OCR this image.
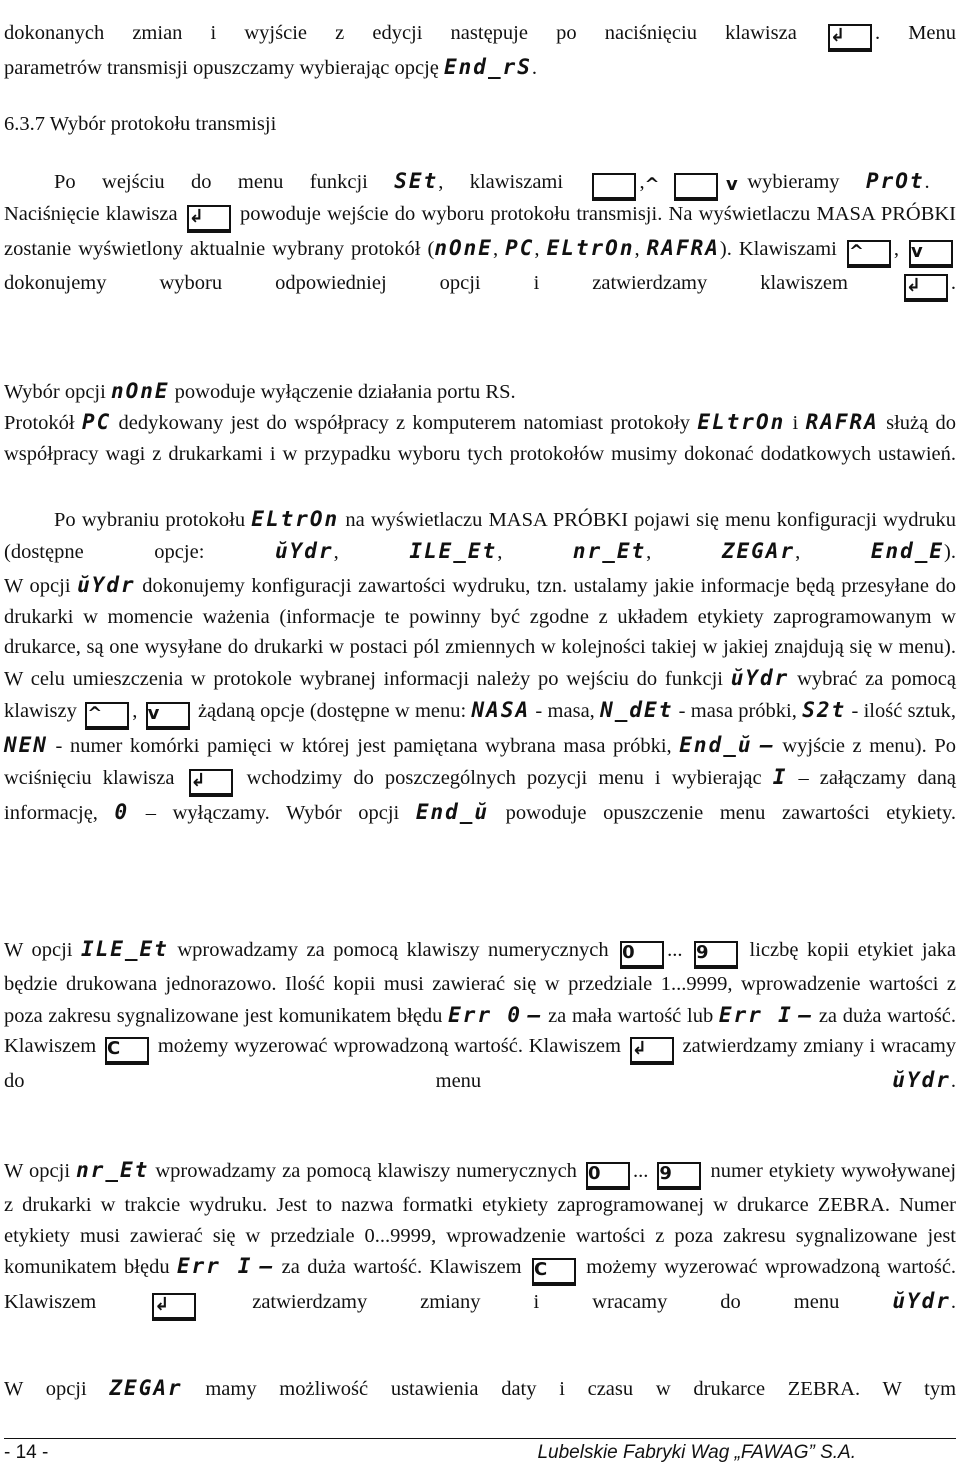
dokonanych zmian i wyjście z edycji następuje po naciśnięciu klawisza ↲ . Menu

parametrów transmisji opuszczamy wybierając opcję End_rS.

6.3.7 Wybór protokołu transmisji

Po wejściu do menu funkcji SEt, klawiszami	^,	v wybieramy PrOt.

Naciśnięcie klawisza ↲ powoduje wejście do wyboru protokołu transmisji. Na wyświetlaczu MASA PRÓBKI zostanie wyświetlony aktualnie wybrany protokół (nOnE, PC, ELtrOn, RAFRA). Klawiszami ^ , v dokonujemy wyboru odpowiedniej opcji i zatwierdzamy klawiszem	↲ .

Wybór opcji nOnE powoduje wyłączenie działania portu RS.

Protokół PC dedykowany jest do współpracy z komputerem natomiast protokoły ELtrOn i RAFRA służą do współpracy wagi z drukarkami i w przypadku wyboru tych protokołów musimy dokonać dodatkowych ustawień.

Po wybraniu protokołu ELtrOn na wyświetlaczu MASA PRÓBKI pojawi się menu konfiguracji wydruku (dostępne opcje:	ŭYdr,	ILE_Et,	nr_Et,	ZEGAr,	End_E).

W opcji ŭYdr dokonujemy konfiguracji zawartości wydruku, tzn. ustalamy jakie informacje będą przesyłane do drukarki w momencie ważenia (informacje te powinny być zgodne z układem etykiety zaprogramowanym w drukarce, są one wysyłane do drukarki w postaci pól zmiennych w kolejności takiej w jakiej znajdują się w menu). W celu umieszczenia w protokole wybranej informacji należy po wejściu do funkcji ŭYdr wybrać za pomocą klawiszy ^ , v żądaną opcje (dostępne w menu: NASA - masa, N_dEt - masa próbki, S2t - ilość sztuk, NEN - numer komórki pamięci w której jest pamiętana wybrana masa próbki, End_ŭ – wyjście z menu). Po wciśnięciu klawisza ↲ wchodzimy do poszczególnych pozycji menu i wybierając I – załączamy daną informację, 0 – wyłączamy. Wybór opcji End_ŭ powoduje opuszczenie menu zawartości etykiety.

W opcji ILE_Et wprowadzamy za pomocą klawiszy numerycznych 0 ... 9 liczbę kopii etykiet jaka będzie drukowana jednorazowo. Ilość kopii musi zawierać się w przedziale 1...9999, wprowadzenie wartości z poza zakresu sygnalizowane jest komunikatem błędu Err 0 – za mała wartość lub Err I – za duża wartość. Klawiszem C możemy wyzerować wprowadzoną wartość. Klawiszem ↲ zatwierdzamy zmiany i wracamy do menu	ŭYdr.

W opcji nr_Et wprowadzamy za pomocą klawiszy numerycznych 0 ... 9 numer etykiety wywoływanej z drukarki w trakcie wydruku. Jest to nazwa formatki etykiety zaprogramowanej w drukarce ZEBRA. Numer etykiety musi zawierać się w przedziale 0...9999, wprowadzenie wartości z poza zakresu sygnalizowane jest komunikatem błędu Err I – za duża wartość. Klawiszem C możemy wyzerować wprowadzoną wartość. Klawiszem	↲	zatwierdzamy zmiany i wracamy do menu	ŭYdr.

W opcji ZEGAr mamy możliwość ustawienia daty i czasu w drukarce ZEBRA. W tym

- 14 -	Lubelskie Fabryki Wag „FAWAG” S.A.
